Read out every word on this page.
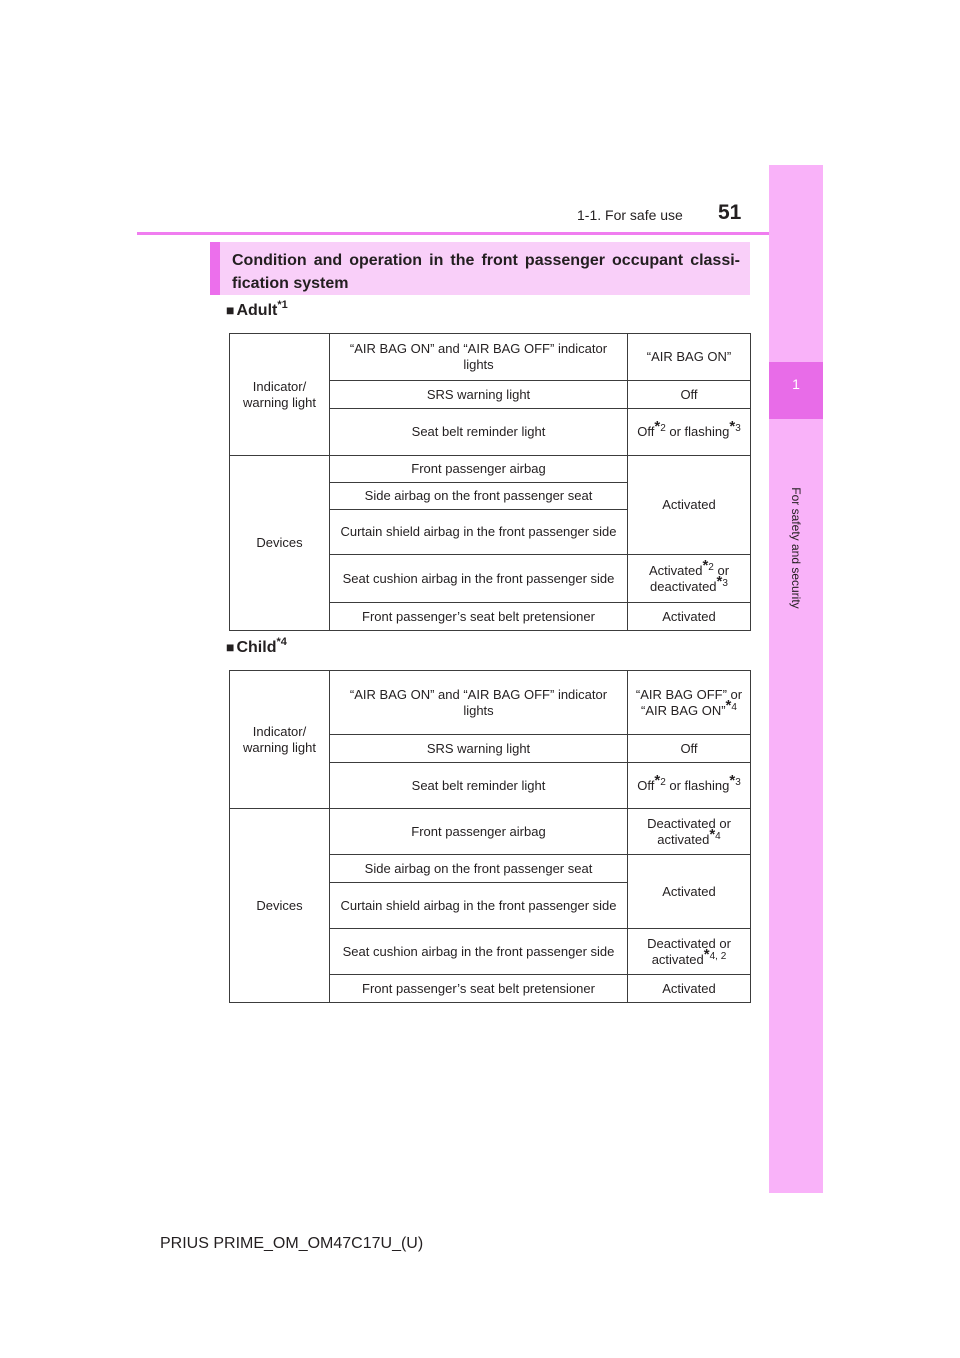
1-1. For safe use 51
1
For safety and security
Condition and operation in the front passenger occupant classi-fication system
■ Adult$^{*1}$
Indicator/ warning light	“AIR BAG ON” and “AIR BAG OFF” indicator lights	“AIR BAG ON”
	SRS warning light	Off
	Seat belt reminder light	Off$^{*2}$ or flashing$^{*3}$
Devices	Front passenger airbag	Activated
	Side airbag on the front passenger seat	
	Curtain shield airbag in the front passenger side	
	Seat cushion airbag in the front passenger side	Activated$^{*2}$ or deactivated$^{*3}$
	Front passenger’s seat belt pretensioner	Activated
■ Child$^{*4}$
Indicator/ warning light	“AIR BAG ON” and “AIR BAG OFF” indicator lights	“AIR BAG OFF” or “AIR BAG ON”$^{*4}$
	SRS warning light	Off
	Seat belt reminder light	Off$^{*2}$ or flashing$^{*3}$
Devices	Front passenger airbag	Deactivated or activated$^{*4}$
	Side airbag on the front passenger seat	Activated
	Curtain shield airbag in the front passenger side	
	Seat cushion airbag in the front passenger side	Deactivated or activated$^{*4, 2}$
	Front passenger’s seat belt pretensioner	Activated
PRIUS PRIME_OM_OM47C17U_(U)
